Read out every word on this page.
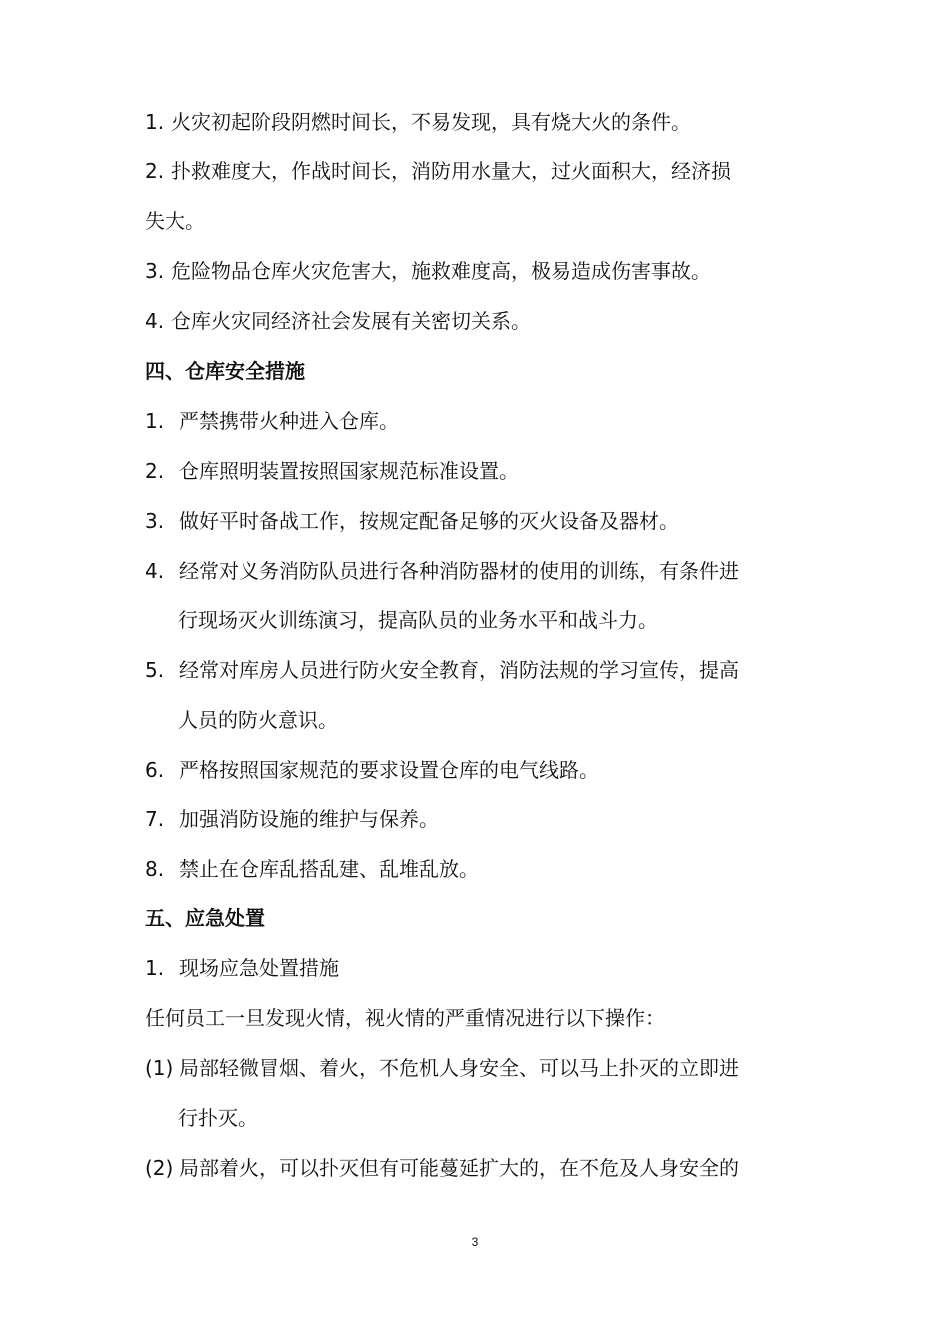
1. 火灾初起阶段阴燃时间长，不易发现，具有烧大火的条件。
2. 扑救难度大，作战时间长，消防用水量大，过火面积大，经济损
失大。
3. 危险物品仓库火灾危害大，施救难度高，极易造成伤害事故。
4. 仓库火灾同经济社会发展有关密切关系。
四、仓库安全措施
1. 严禁携带火种进入仓库。
2. 仓库照明装置按照国家规范标准设置。
3. 做好平时备战工作，按规定配备足够的灭火设备及器材。
4. 经常对义务消防队员进行各种消防器材的使用的训练，有条件进
行现场灭火训练演习，提高队员的业务水平和战斗力。
5. 经常对库房人员进行防火安全教育，消防法规的学习宣传，提高
人员的防火意识。
6. 严格按照国家规范的要求设置仓库的电气线路。
7. 加强消防设施的维护与保养。
8. 禁止在仓库乱搭乱建、乱堆乱放。
五、应急处置
1. 现场应急处置措施
任何员工一旦发现火情，视火情的严重情况进行以下操作：
(1) 局部轻微冒烟、着火，不危机人身安全、可以马上扑灭的立即进
行扑灭。
(2) 局部着火，可以扑灭但有可能蔓延扩大的，在不危及人身安全的
3
